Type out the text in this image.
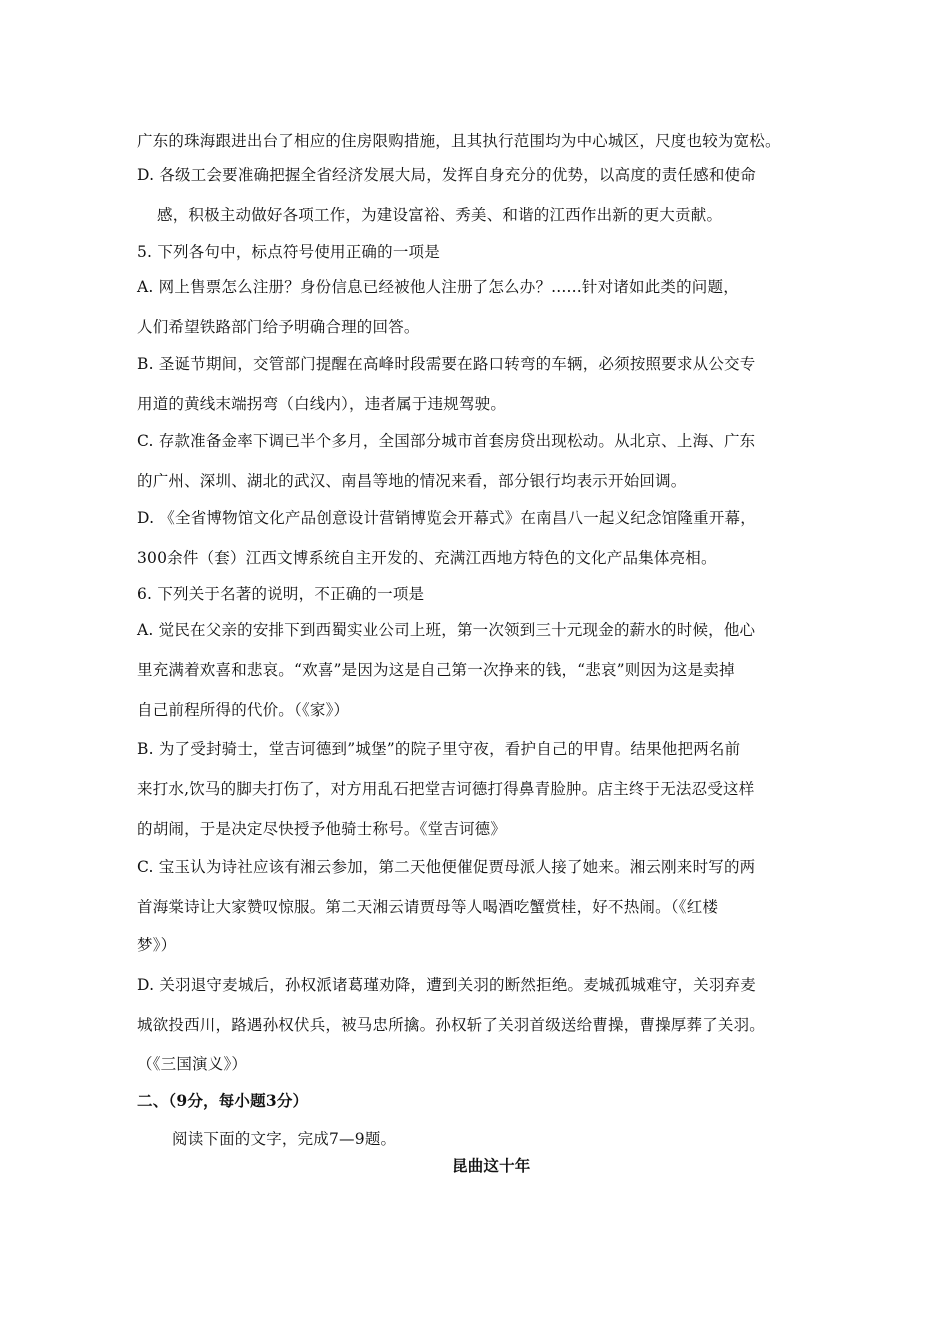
广东的珠海跟进出台了相应的住房限购措施，且其执行范围均为中心城区，尺度也较为宽松。
D. 各级工会要准确把握全省经济发展大局，发挥自身充分的优势，以高度的责任感和使命
感，积极主动做好各项工作，为建设富裕、秀美、和谐的江西作出新的更大贡献。
5. 下列各句中，标点符号使用正确的一项是
A. 网上售票怎么注册？身份信息已经被他人注册了怎么办？......针对诸如此类的问题，
人们希望铁路部门给予明确合理的回答。
B. 圣诞节期间，交管部门提醒在高峰时段需要在路口转弯的车辆，必须按照要求从公交专
用道的黄线末端拐弯（白线内），违者属于违规驾驶。
C. 存款准备金率下调已半个多月，全国部分城市首套房贷出现松动。从北京、上海、广东
的广州、深圳、湖北的武汉、南昌等地的情况来看，部分银行均表示开始回调。
D. 《全省博物馆文化产品创意设计营销博览会开幕式》在南昌八一起义纪念馆隆重开幕，
300余件（套）江西文博系统自主开发的、充满江西地方特色的文化产品集体亮相。
6. 下列关于名著的说明，不正确的一项是
A. 觉民在父亲的安排下到西蜀实业公司上班，第一次领到三十元现金的薪水的时候，他心
里充满着欢喜和悲哀。“欢喜”是因为这是自己第一次挣来的钱，“悲哀”则因为这是卖掉
自己前程所得的代价。（《家》）
B. 为了受封骑士，堂吉诃德到”城堡”的院子里守夜，看护自己的甲胄。结果他把两名前
来打水,饮马的脚夫打伤了，对方用乱石把堂吉诃德打得鼻青脸肿。店主终于无法忍受这样
的胡闹，于是决定尽快授予他骑士称号。《堂吉诃德》
C. 宝玉认为诗社应该有湘云参加，第二天他便催促贾母派人接了她来。湘云刚来时写的两
首海棠诗让大家赞叹惊服。第二天湘云请贾母等人喝酒吃蟹赏桂，好不热闹。（《红楼
梦》）
D. 关羽退守麦城后，孙权派诸葛瑾劝降，遭到关羽的断然拒绝。麦城孤城难守，关羽弃麦
城欲投西川，路遇孙权伏兵，被马忠所擒。孙权斩了关羽首级送给曹操，曹操厚葬了关羽。
（《三国演义》）
二、（9分，每小题3分）
阅读下面的文字，完成7—9题。
昆曲这十年
